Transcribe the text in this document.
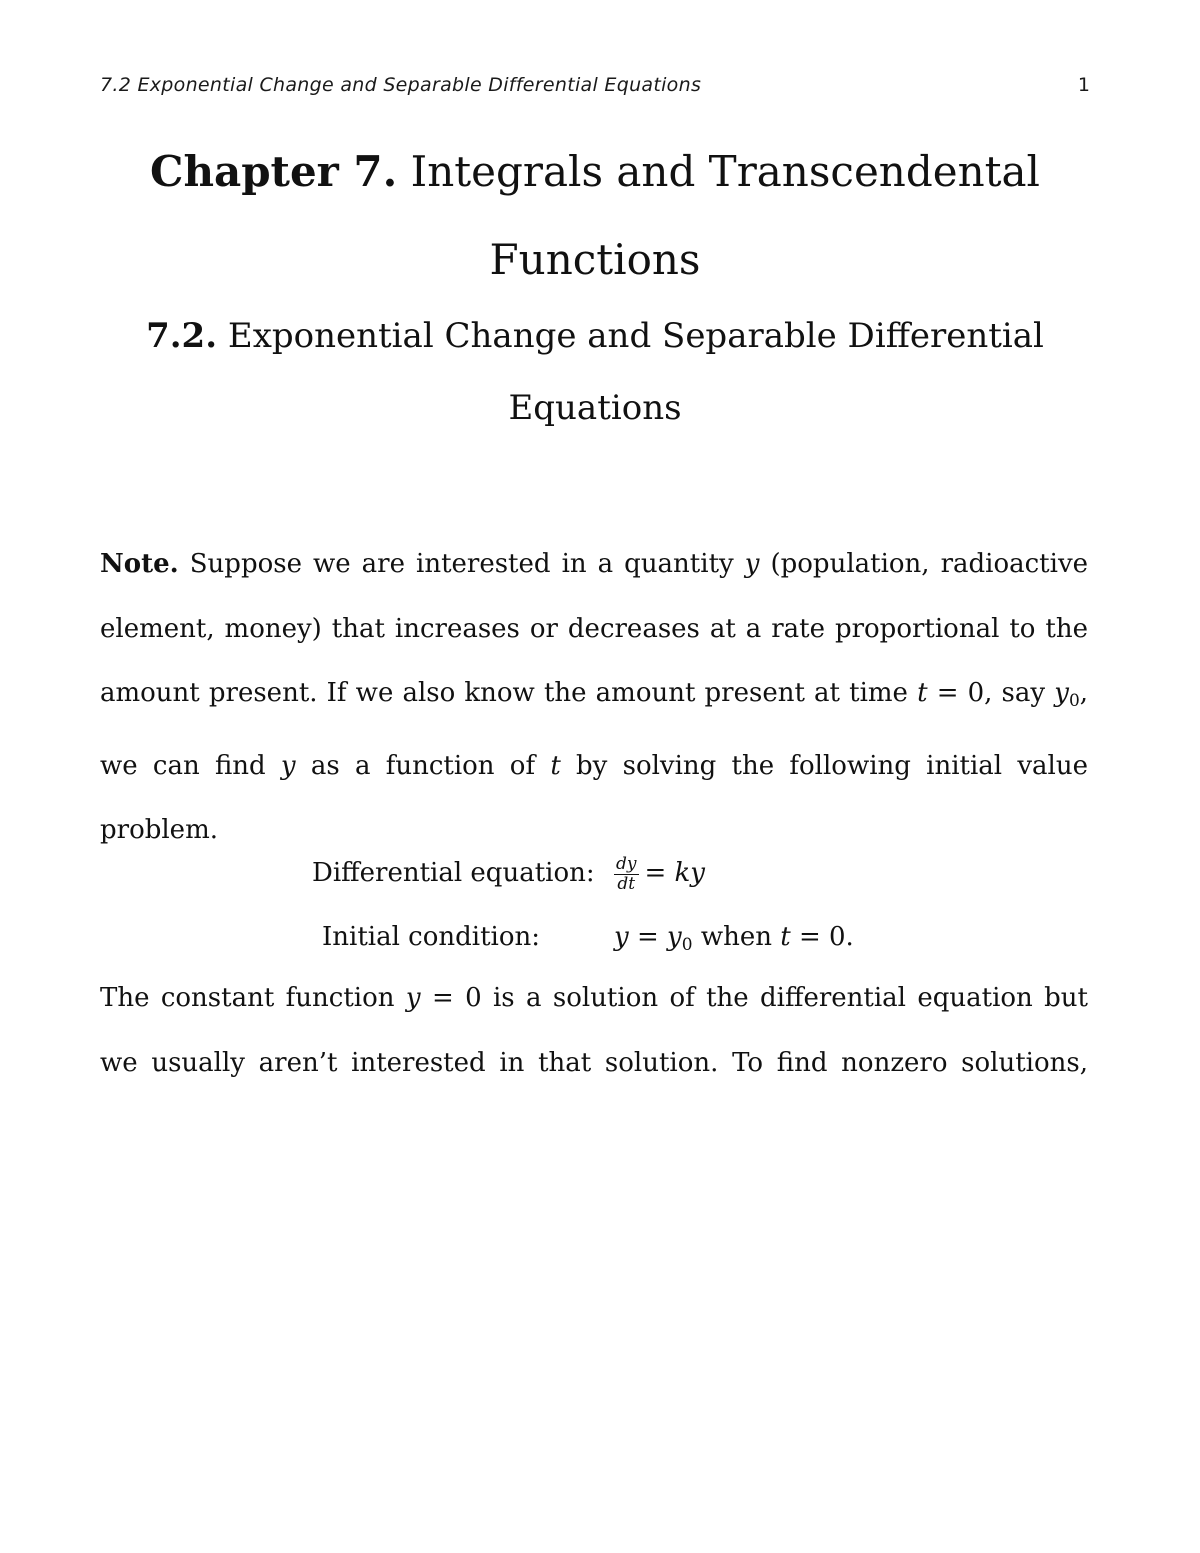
7.2 Exponential Change and Separable Differential Equations	1
Chapter 7. Integrals and Transcendental Functions
7.2. Exponential Change and Separable Differential Equations

Note. Suppose we are interested in a quantity y (population, radioactive element, money) that increases or decreases at a rate proportional to the amount present. If we also know the amount present at time t = 0, say $y_0$, we can find y as a function of t by solving the following initial value problem.

Differential equation: $\frac{dy}{dt}$ = ky
Initial condition:	$y = y_0$ when t = 0.

The constant function y = 0 is a solution of the differential equation but we usually aren’t interested in that solution. To find nonzero solutions,
